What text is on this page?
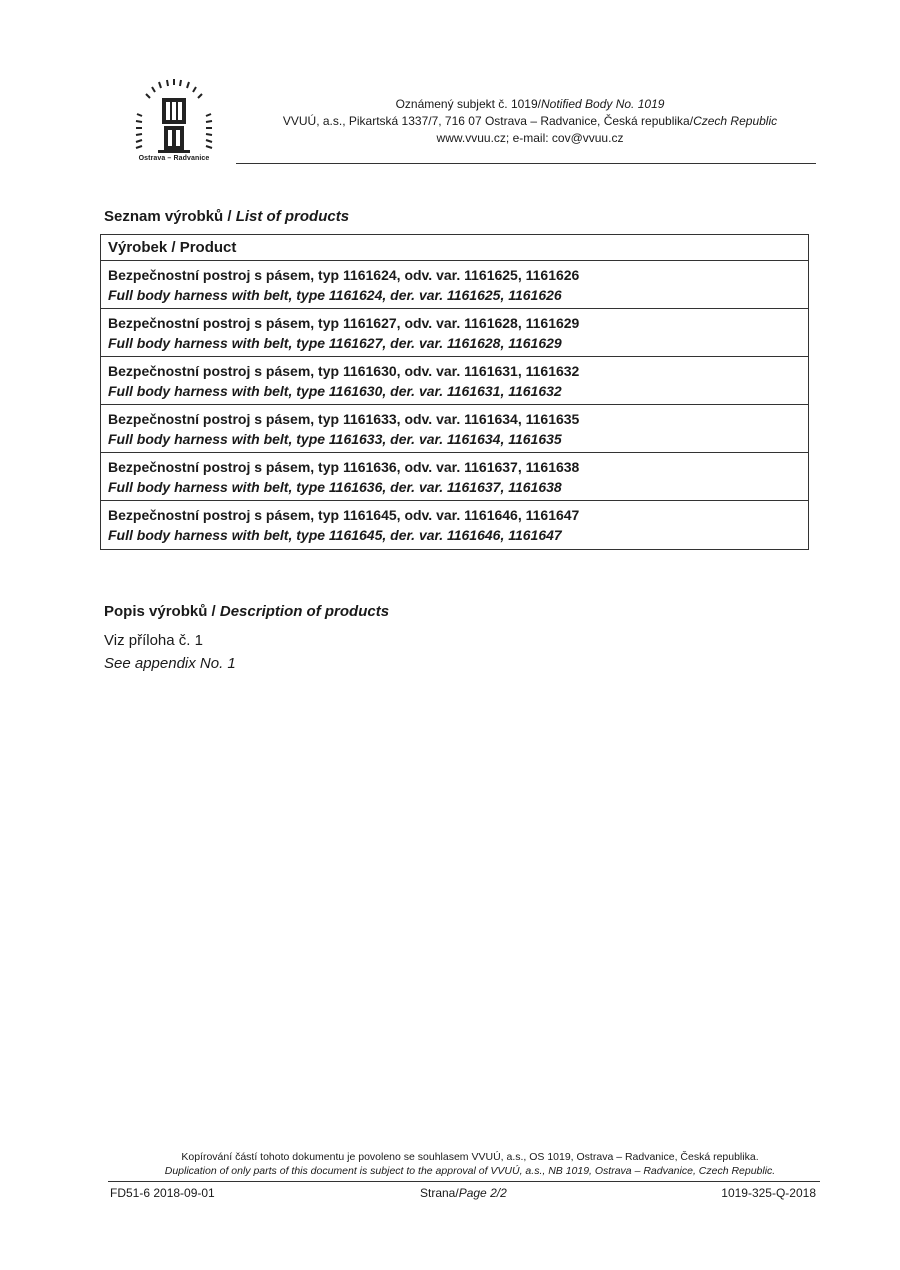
Ostrava – Radvanice
Oznámený subjekt č. 1019/Notified Body No. 1019
VVUÚ, a.s., Pikartská 1337/7, 716 07 Ostrava – Radvanice, Česká republika/Czech Republic
www.vvuu.cz; e-mail: cov@vvuu.cz
Seznam výrobků / List of products
Výrobek / Product
Bezpečnostní postroj s pásem, typ 1161624, odv. var. 1161625, 1161626
Full body harness with belt, type 1161624, der. var. 1161625, 1161626
Bezpečnostní postroj s pásem, typ 1161627, odv. var. 1161628, 1161629
Full body harness with belt, type 1161627, der. var. 1161628, 1161629
Bezpečnostní postroj s pásem, typ 1161630, odv. var. 1161631, 1161632
Full body harness with belt, type 1161630, der. var. 1161631, 1161632
Bezpečnostní postroj s pásem, typ 1161633, odv. var. 1161634, 1161635
Full body harness with belt, type 1161633, der. var. 1161634, 1161635
Bezpečnostní postroj s pásem, typ 1161636, odv. var. 1161637, 1161638
Full body harness with belt, type 1161636, der. var. 1161637, 1161638
Bezpečnostní postroj s pásem, typ 1161645, odv. var. 1161646, 1161647
Full body harness with belt, type 1161645, der. var. 1161646, 1161647
Popis výrobků / Description of products
Viz příloha č. 1
See appendix No. 1
Kopírování částí tohoto dokumentu je povoleno se souhlasem VVUÚ, a.s., OS 1019, Ostrava – Radvanice, Česká republika.
Duplication of only parts of this document is subject to the approval of VVUÚ, a.s., NB 1019, Ostrava – Radvanice, Czech Republic.
FD51-6 2018-09-01	Strana/Page 2/2	1019-325-Q-2018
